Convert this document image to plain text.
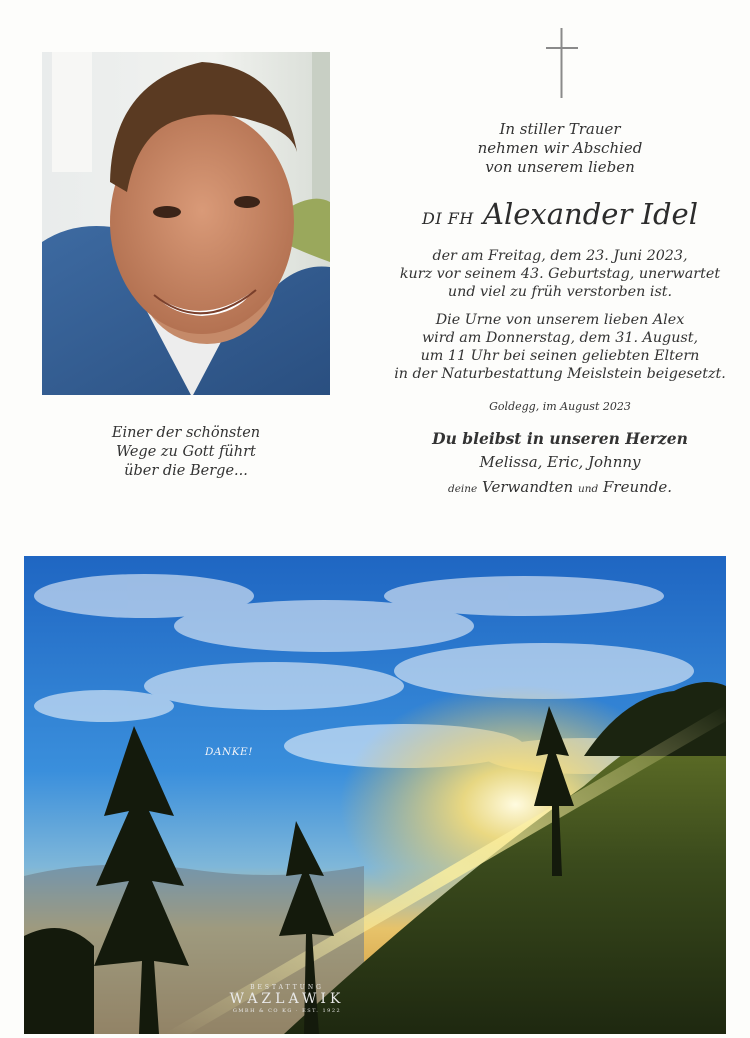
Einer der schönsten
Wege zu Gott führt
über die Berge...
In stiller Trauer
nehmen wir Abschied
von unserem lieben
DI FH Alexander Idel
der am Freitag, dem 23. Juni 2023,
kurz vor seinem 43. Geburtstag, unerwartet
und viel zu früh verstorben ist.
Die Urne von unserem lieben Alex
wird am Donnerstag, dem 31. August,
um 11 Uhr bei seinen geliebten Eltern
in der Naturbestattung Meislstein beigesetzt.
Goldegg, im August 2023
Du bleibst in unseren Herzen
Melissa, Eric, Johnny
deine Verwandten und Freunde.
DANKE!
BESTATTUNG
WAZLAWIK
GMBH & CO KG · EST. 1922
